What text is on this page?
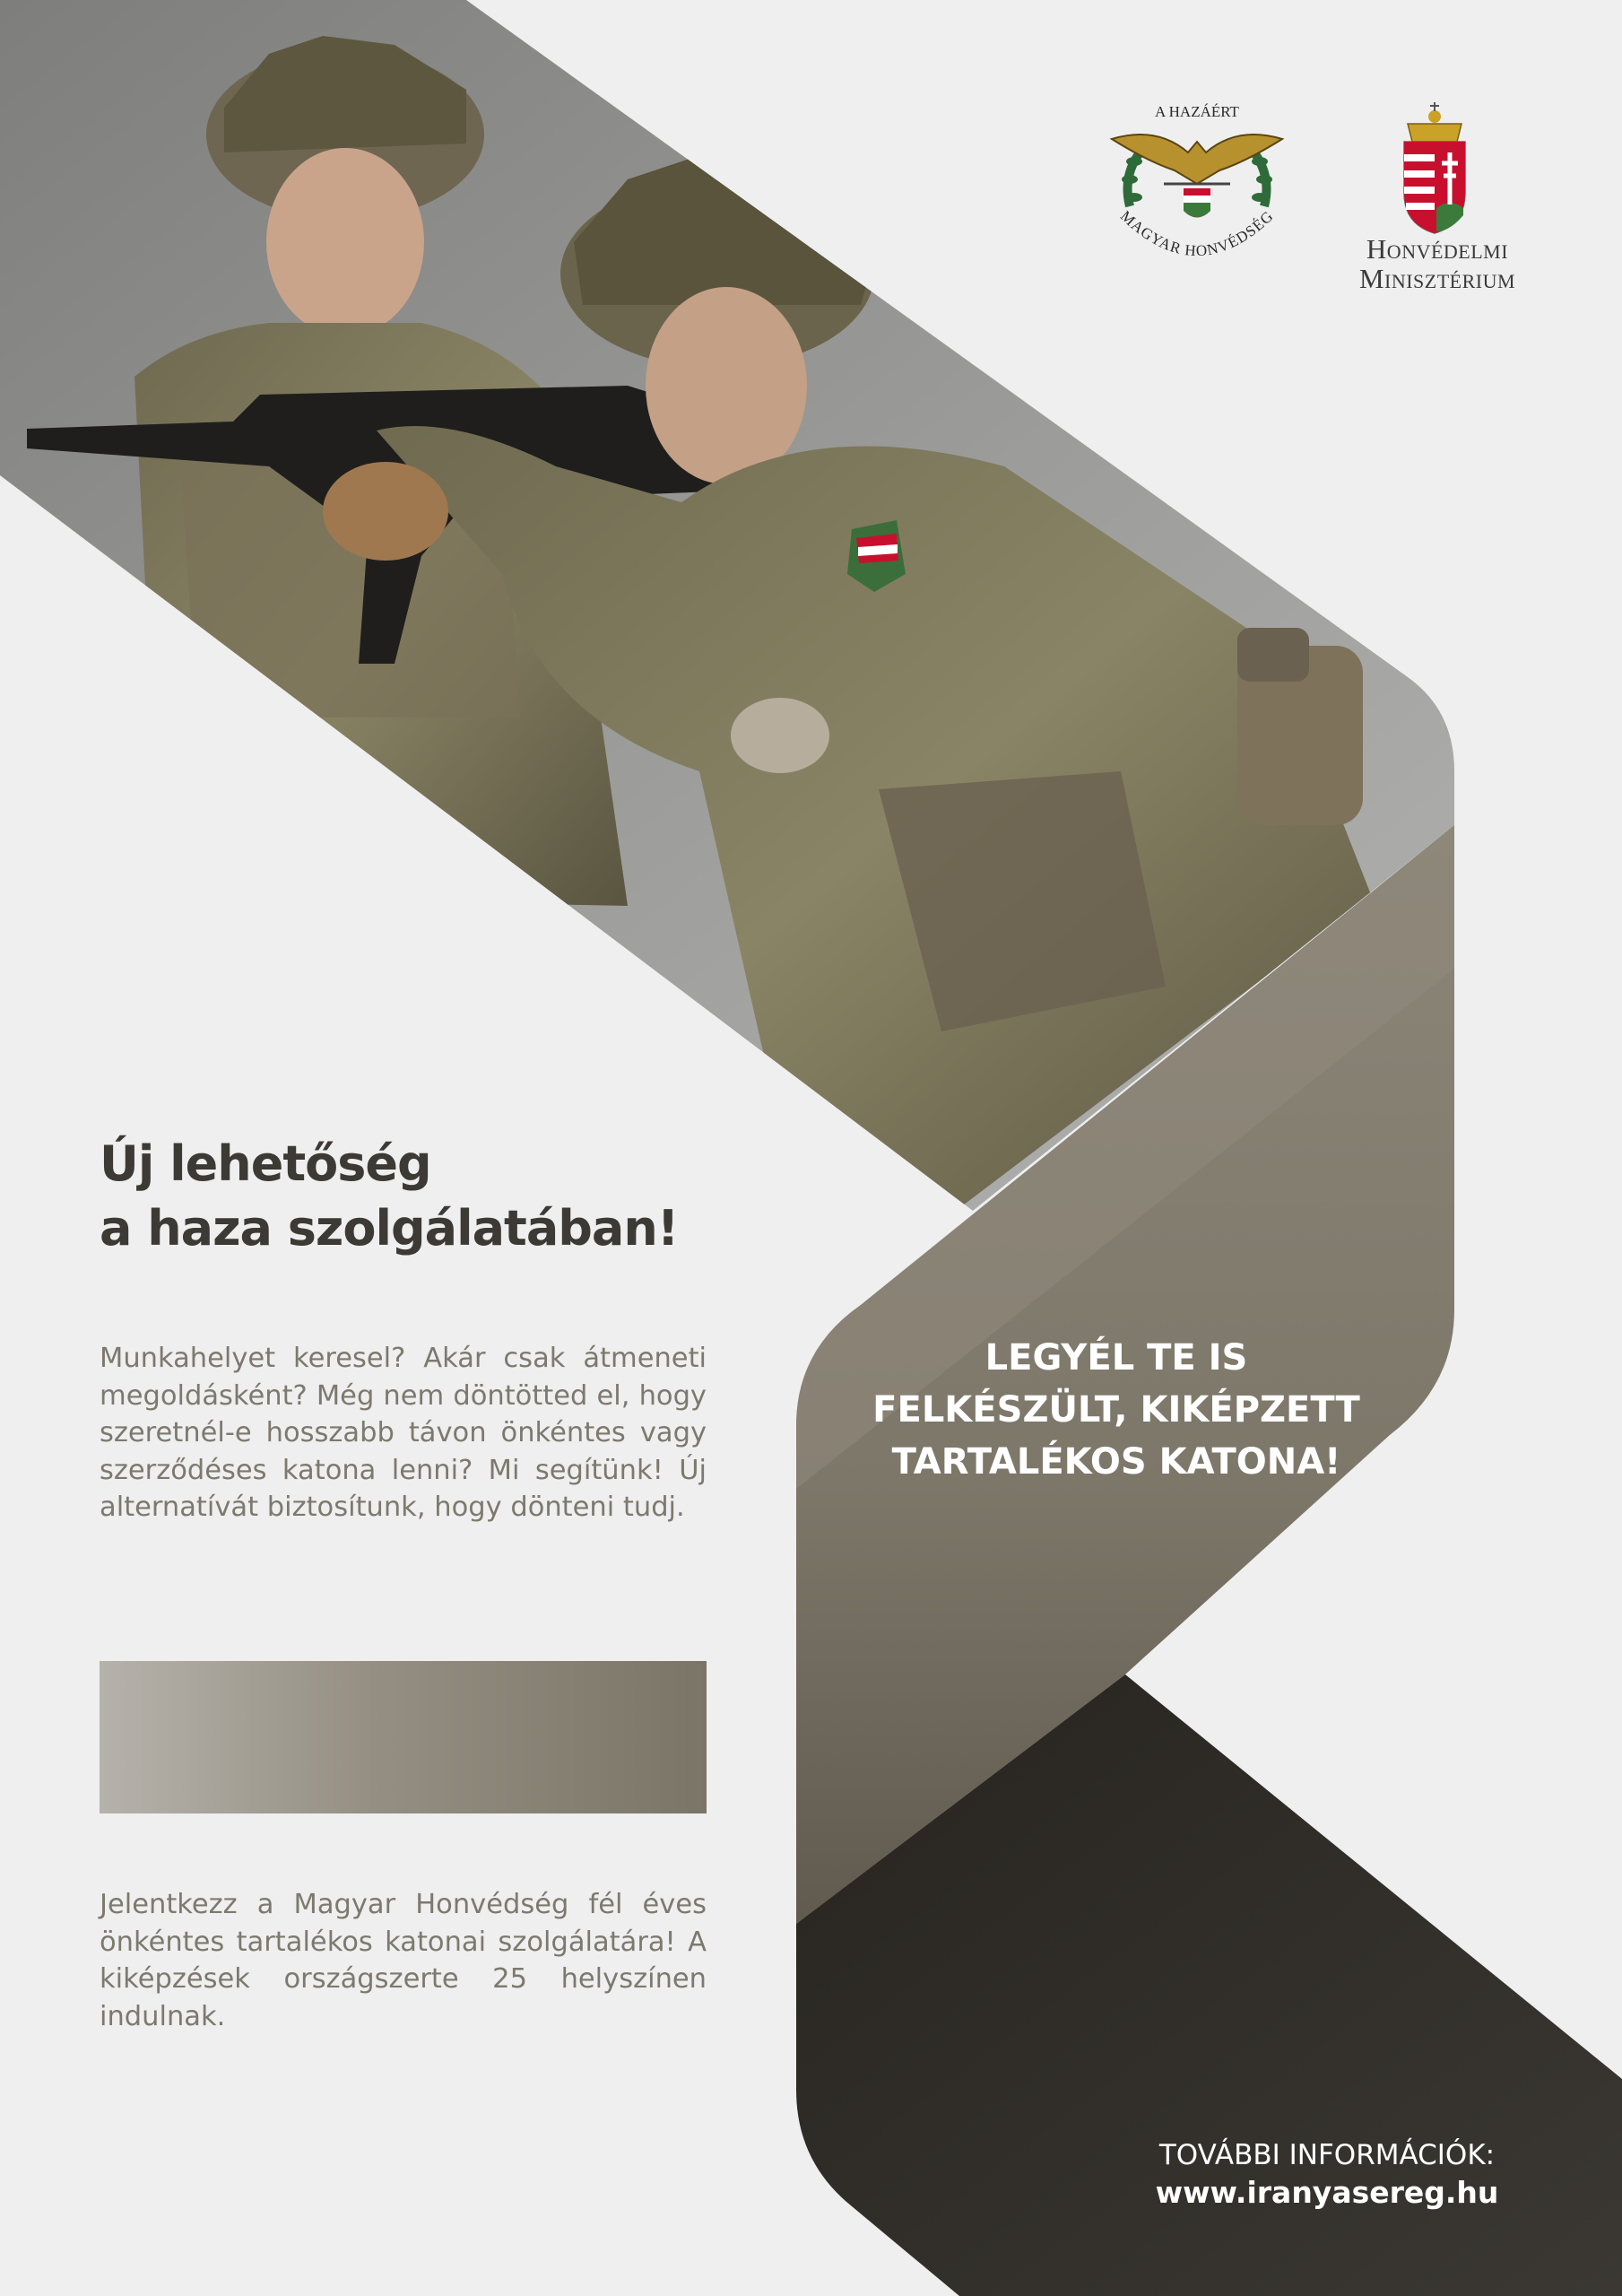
A HAZÁÉRT
MAGYAR HONVÉDSÉG
Honvédelmi
Minisztérium
Új lehetőség
a haza szolgálatában!

Munkahelyet keresel? Akár csak átmeneti megoldásként? Még nem döntötted el, hogy szeretnél-e hosszabb távon önkéntes vagy szerződéses katona lenni? Mi segítünk! Új alternatívát biztosítunk, hogy dönteni tudj.

Jelentkezz a Magyar Honvédség fél éves önkéntes tartalékos katonai szolgálatára! A kiképzések országszerte 25 helyszínen indulnak.

LEGYÉL TE IS
FELKÉSZÜLT, KIKÉPZETT
TARTALÉKOS KATONA!
TOVÁBBI INFORMÁCIÓK:
www.iranyasereg.hu
